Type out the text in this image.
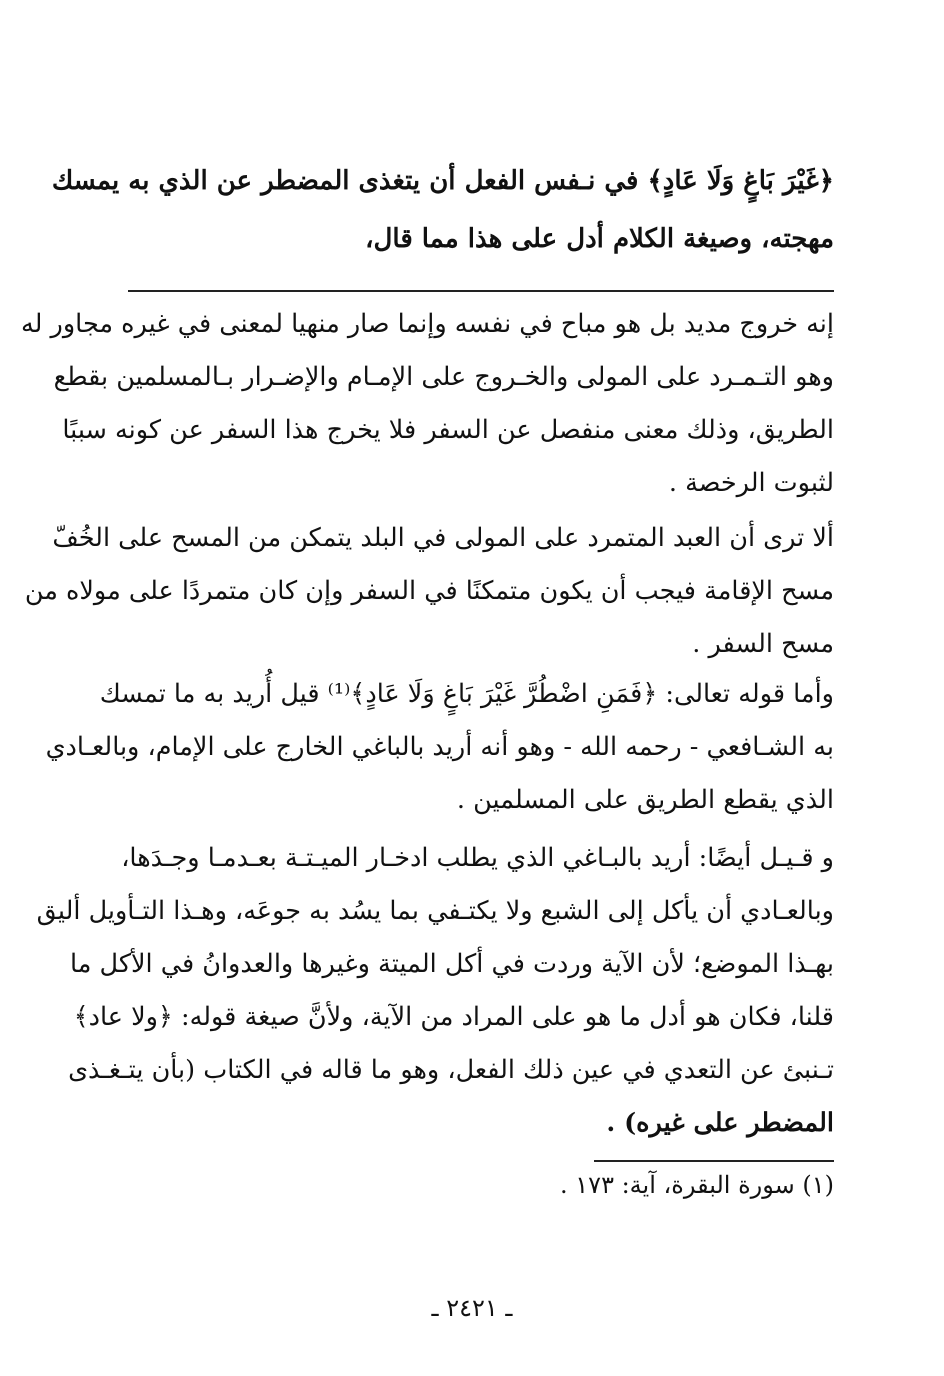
﴿غَيْرَ بَاغٍ وَلَا عَادٍ﴾ في نـفس الفعل أن يتغذى المضطر عن الذي به يمسك
مهجته، وصيغة الكلام أدل على هذا مما قال،
إنه خروج مديد بل هو مباح في نفسه وإنما صار منهيا لمعنى في غيره مجاور له
وهو التـمـرد على المولى والخـروج على الإمـام والإضـرار بـالمسلمين بقطع
الطريق، وذلك معنى منفصل عن السفر فلا يخرج هذا السفر عن كونه سببًا
لثبوت الرخصة .
ألا ترى أن العبد المتمرد على المولى في البلد يتمكن من المسح على الخُفّ
مسح الإقامة فيجب أن يكون متمكنًا في السفر وإن كان متمردًا على مولاه من
مسح السفر .
وأما قوله تعالى: ﴿فَمَنِ اضْطُرَّ غَيْرَ بَاغٍ وَلَا عَادٍ﴾⁽¹⁾ قيل أُريد به ما تمسك
به الشـافعي - رحمه الله - وهو أنه أريد بالباغي الخارج على الإمام، وبالعـادي
الذي يقطع الطريق على المسلمين .
و قـيـل أيضًا: أريد بالبـاغي الذي يطلب ادخـار الميـتـة بعـدمـا وجـدَها،
وبالعـادي أن يأكل إلى الشبع ولا يكتـفي بما يسُد به جوعَه، وهـذا التـأويل أليق
بهـذا الموضع؛ لأن الآية وردت في أكل الميتة وغيرها والعدوانُ في الأكل ما
قلنا، فكان هو أدل ما هو على المراد من الآية، ولأنَّ صيغة قوله: ﴿ولا عاد﴾
تـنبئ عن التعدي في عين ذلك الفعل، وهو ما قاله في الكتاب (بأن يتـغـذى
المضطر على غيره) .
(١) سورة البقرة، آية: ١٧٣ .
ـ ٢٤٢١ ـ
